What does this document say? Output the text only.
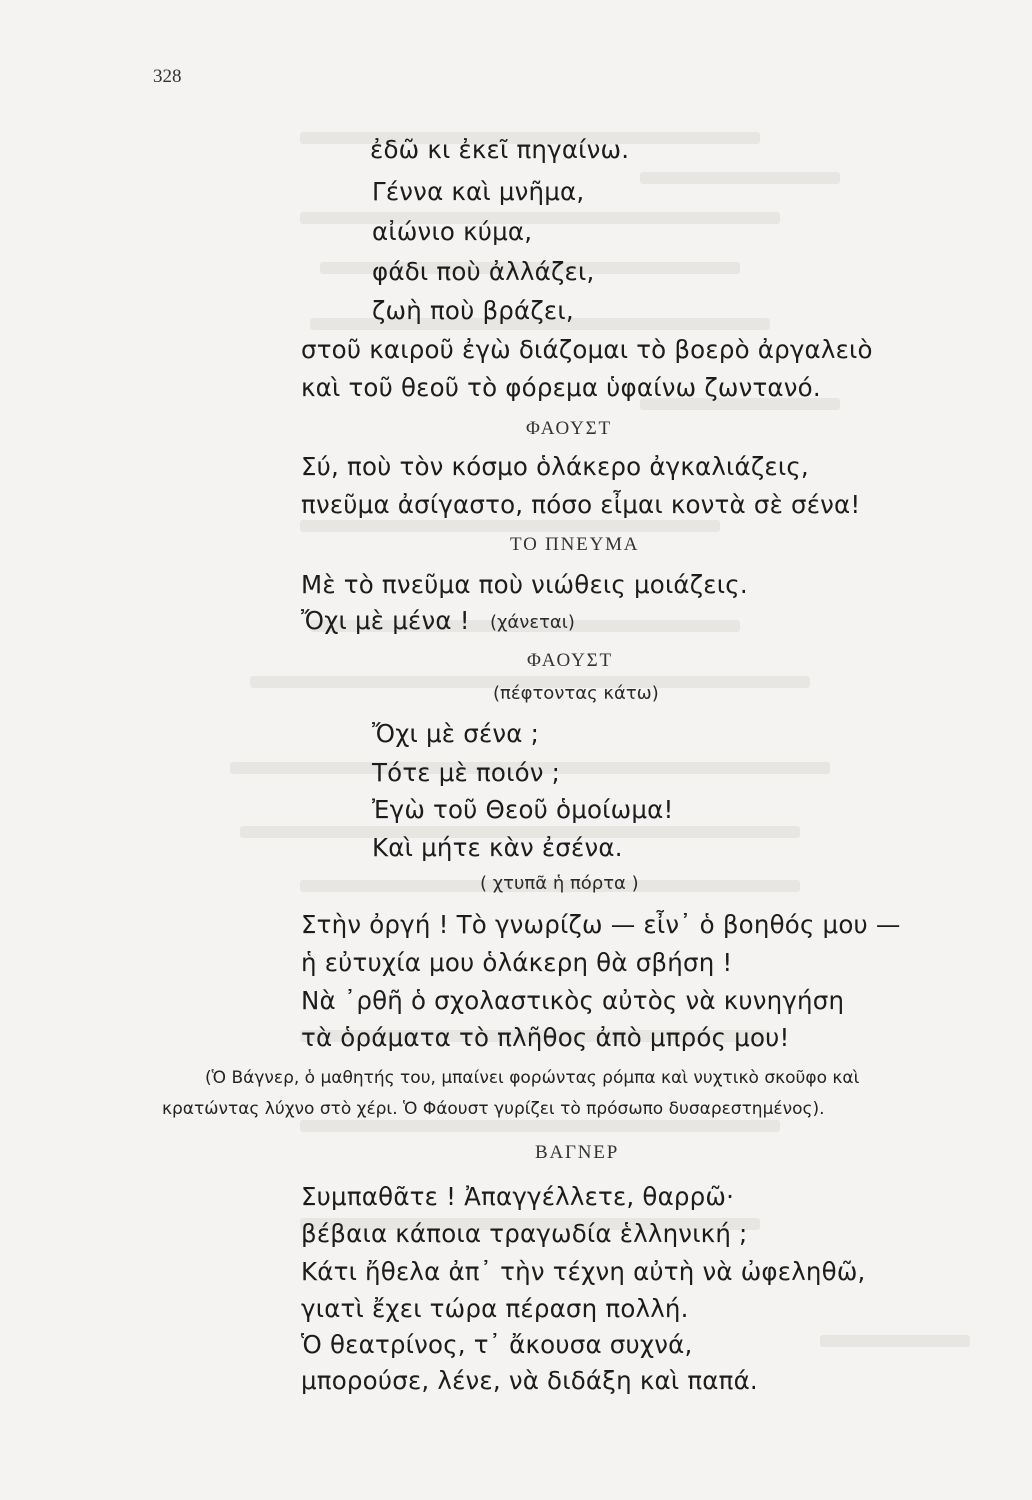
328
ἐδῶ κι ἐκεῖ πηγαίνω.
Γέννα καὶ μνῆμα,
αἰώνιο κύμα,
φάδι ποὺ ἀλλάζει,
ζωὴ ποὺ βράζει,
στοῦ καιροῦ ἐγὼ διάζομαι τὸ βοερὸ ἀργαλειὸ
καὶ τοῦ θεοῦ τὸ φόρεμα ὑφαίνω ζωντανό.
ΦΑΟΥΣΤ
Σύ, ποὺ τὸν κόσμο ὁλάκερο ἀγκαλιάζεις,
πνεῦμα ἀσίγαστο, πόσο εἶμαι κοντὰ σὲ σένα!
ΤΟ ΠΝΕΥΜΑ
Μὲ τὸ πνεῦμα ποὺ νιώθεις μοιάζεις.
Ὄχι μὲ μένα ! (χάνεται)
ΦΑΟΥΣΤ
(πέφτοντας κάτω)
Ὄχι μὲ σένα ;
Τότε μὲ ποιόν ;
Ἐγὼ τοῦ Θεοῦ ὁμοίωμα!
Καὶ μήτε κὰν ἐσένα.
( χτυπᾶ ἡ πόρτα )
Στὴν ὀργή ! Τὸ γνωρίζω — εἶν᾽ ὁ βοηθός μου —
ἡ εὐτυχία μου ὁλάκερη θὰ σβήση !
Νὰ ᾽ρθῆ ὁ σχολαστικὸς αὐτὸς νὰ κυνηγήση
τὰ ὁράματα τὸ πλῆθος ἀπὸ μπρός μου!
(Ὁ Βάγνερ, ὁ μαθητής του, μπαίνει φορώντας ρόμπα καὶ νυχτικὸ σκοῦφο καὶ
κρατώντας λύχνο στὸ χέρι. Ὁ Φάουστ γυρίζει τὸ πρόσωπο δυσαρεστημένος).
ΒΑΓΝΕΡ
Συμπαθᾶτε ! Ἀπαγγέλλετε, θαρρῶ·
βέβαια κάποια τραγωδία ἑλληνική ;
Κάτι ἤθελα ἀπ᾽ τὴν τέχνη αὐτὴ νὰ ὠφεληθῶ,
γιατὶ ἔχει τώρα πέραση πολλή.
Ὁ θεατρίνος, τ᾽ ἄκουσα συχνά,
μπορούσε, λένε, νὰ διδάξη καὶ παπά.
